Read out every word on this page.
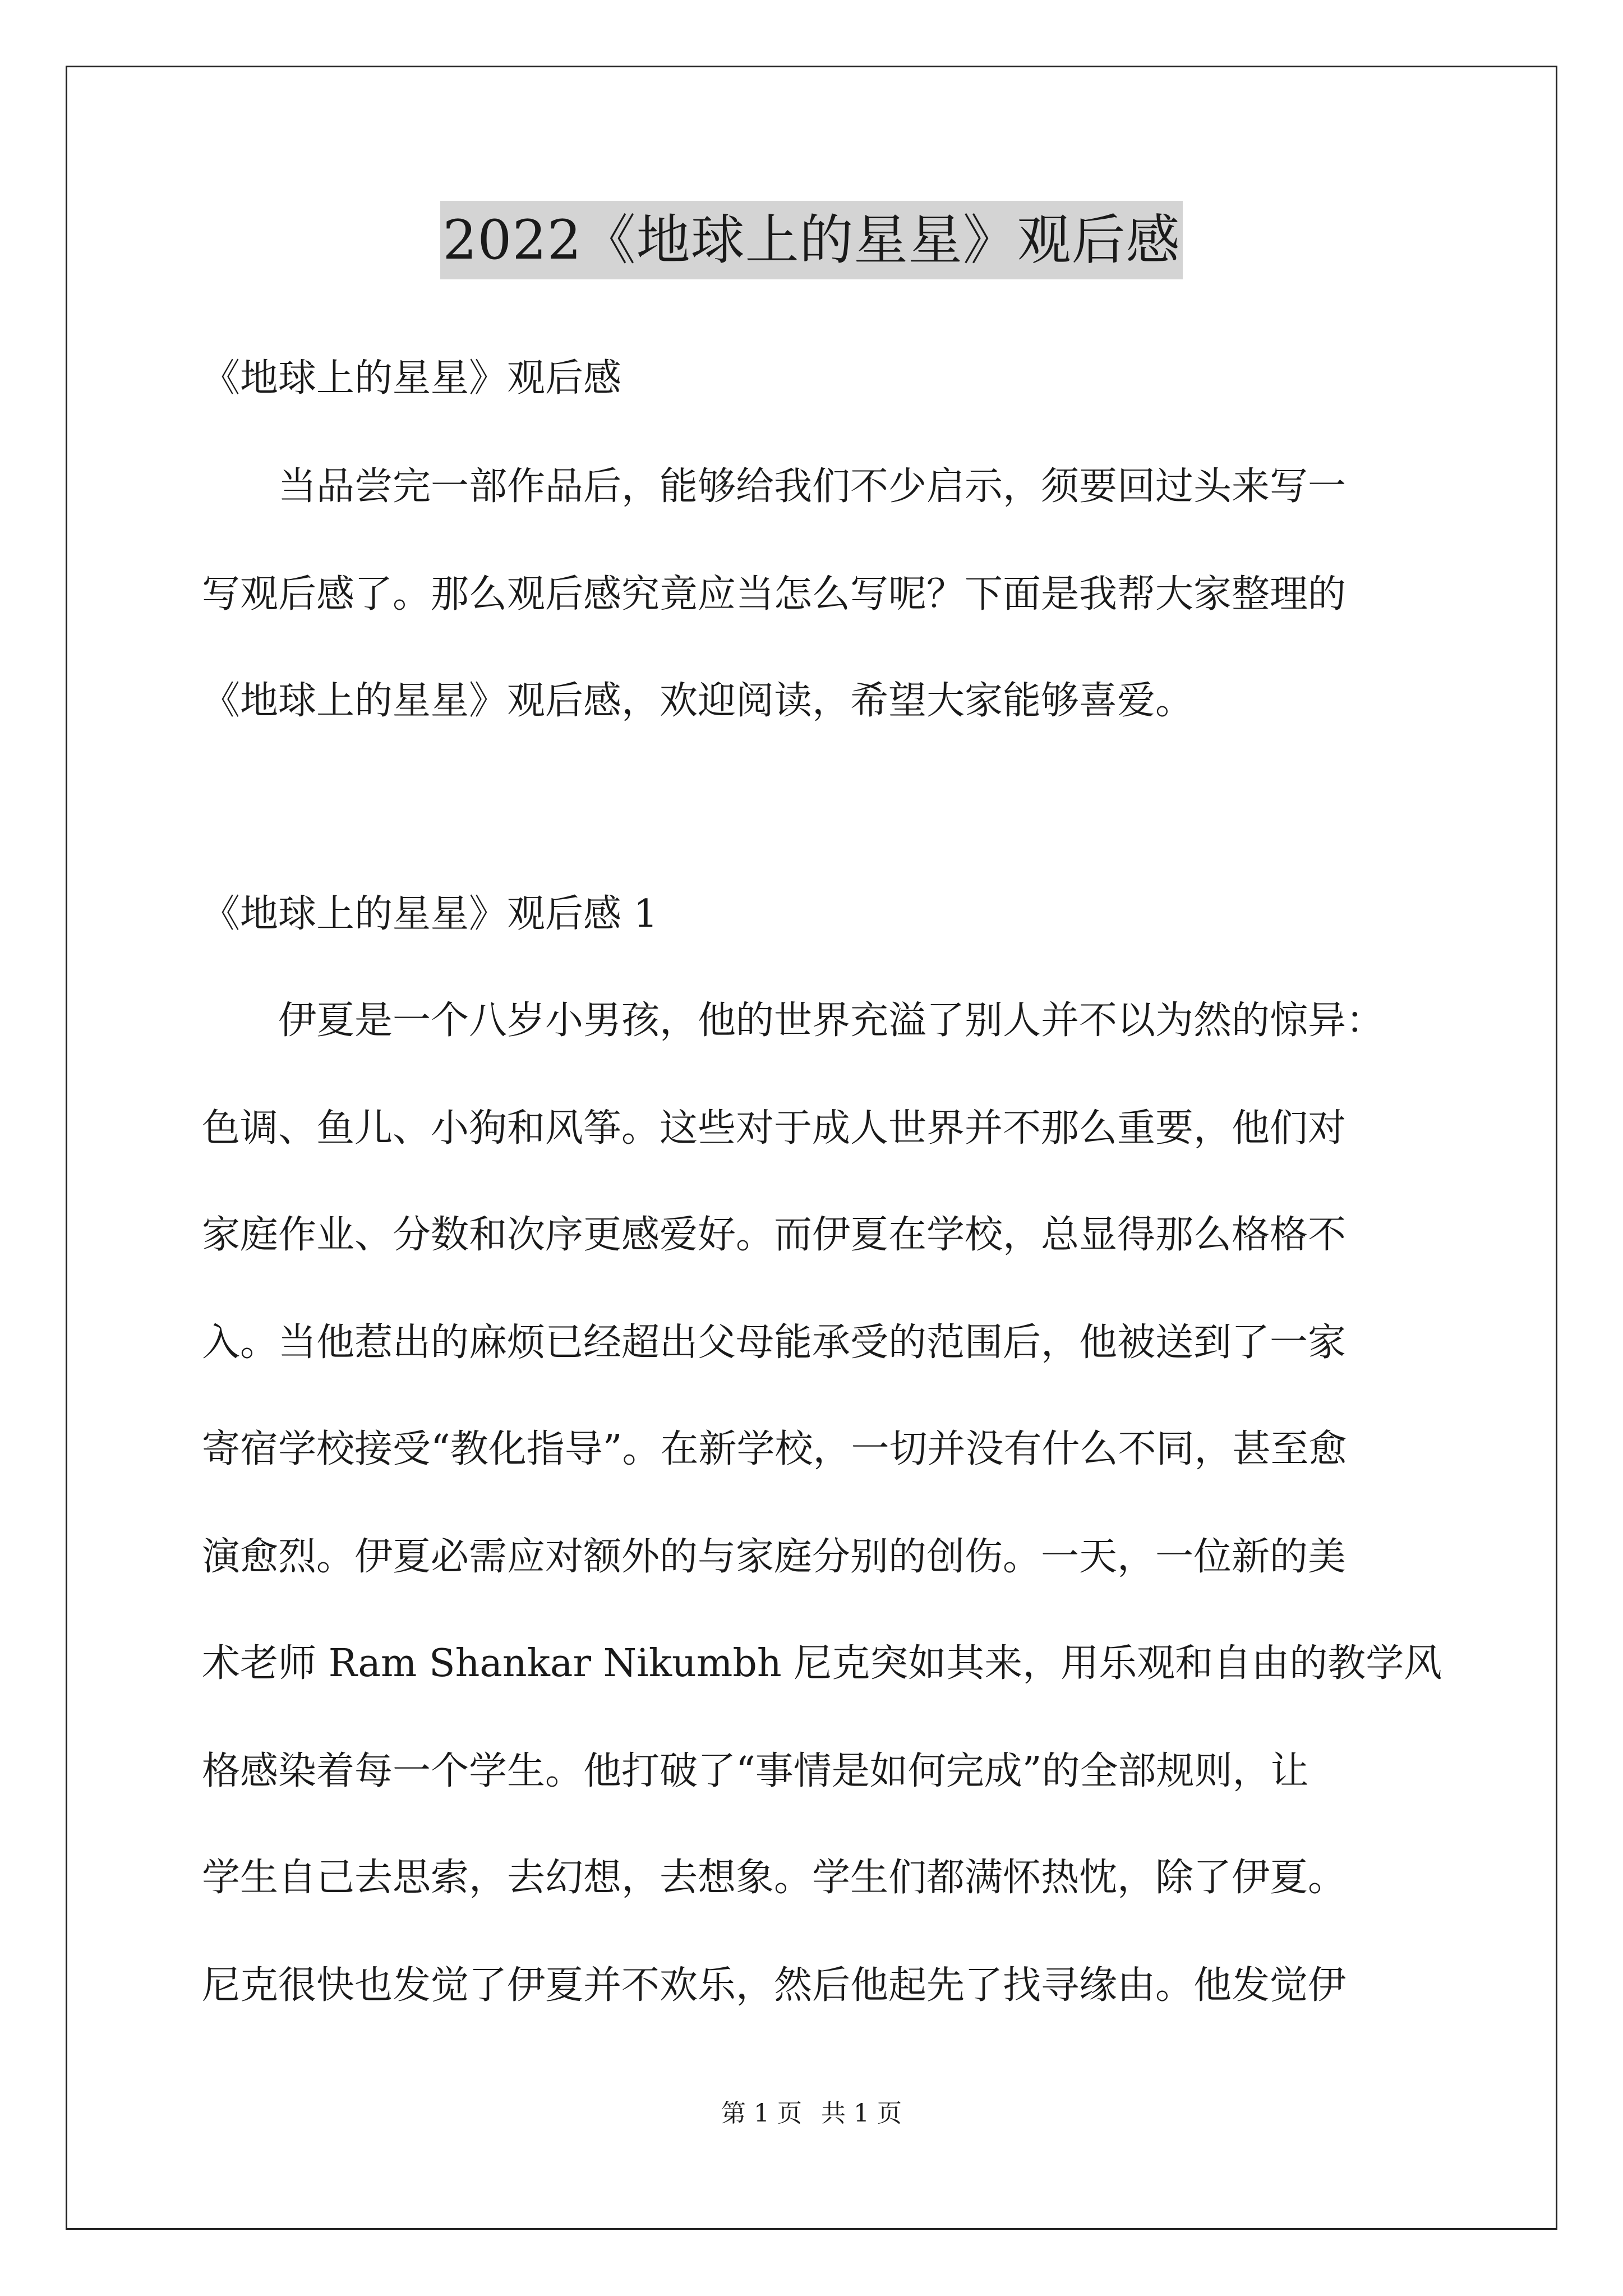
2022《地球上的星星》观后感
《地球上的星星》观后感
当品尝完一部作品后，能够给我们不少启示，须要回过头来写一
写观后感了。那么观后感究竟应当怎么写呢？下面是我帮大家整理的
《地球上的星星》观后感，欢迎阅读，希望大家能够喜爱。
《地球上的星星》观后感 1
伊夏是一个八岁小男孩，他的世界充溢了别人并不以为然的惊异：
色调、鱼儿、小狗和风筝。这些对于成人世界并不那么重要，他们对
家庭作业、分数和次序更感爱好。而伊夏在学校，总显得那么格格不
入。当他惹出的麻烦已经超出父母能承受的范围后，他被送到了一家
寄宿学校接受“教化指导”。在新学校，一切并没有什么不同，甚至愈
演愈烈。伊夏必需应对额外的与家庭分别的创伤。一天，一位新的美
术老师 Ram Shankar Nikumbh 尼克突如其来，用乐观和自由的教学风
格感染着每一个学生。他打破了“事情是如何完成”的全部规则，让
学生自己去思索，去幻想，去想象。学生们都满怀热忱，除了伊夏。
尼克很快也发觉了伊夏并不欢乐，然后他起先了找寻缘由。他发觉伊
第 1 页 共 1 页
